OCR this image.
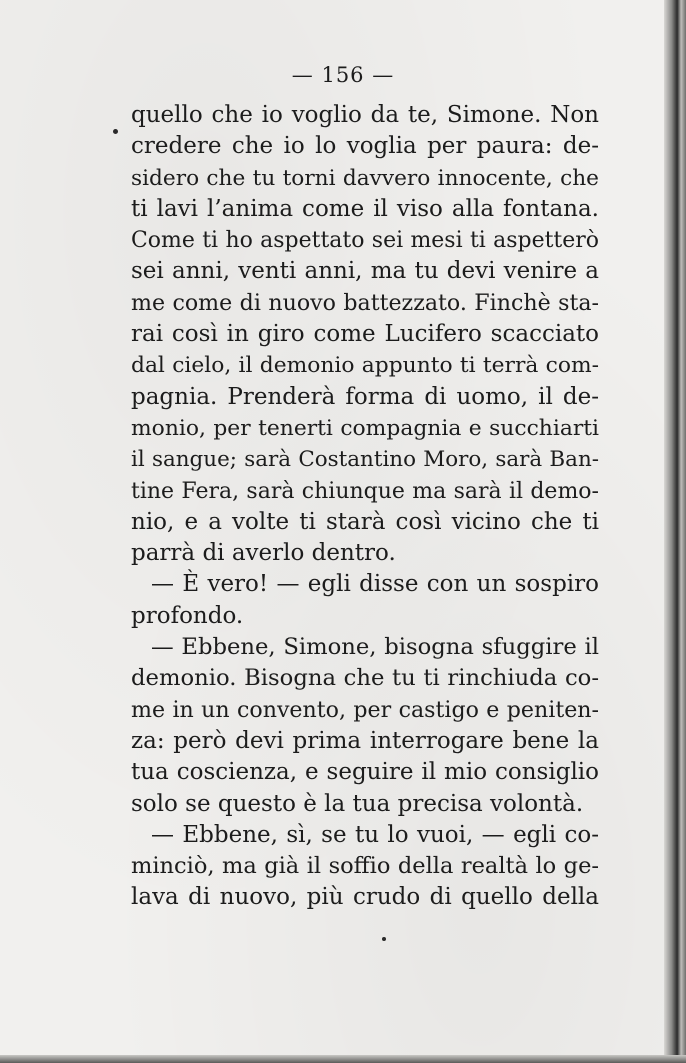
— 156 —
quello che io voglio da te, Simone. Non
credere che io lo voglia per paura: de-
sidero che tu torni davvero innocente, che
ti lavi l’anima come il viso alla fontana.
Come ti ho aspettato sei mesi ti aspetterò
sei anni, venti anni, ma tu devi venire a
me come di nuovo battezzato. Finchè sta-
rai così in giro come Lucifero scacciato
dal cielo, il demonio appunto ti terrà com-
pagnia. Prenderà forma di uomo, il de-
monio, per tenerti compagnia e succhiarti
il sangue; sarà Costantino Moro, sarà Ban-
tine Fera, sarà chiunque ma sarà il demo-
nio, e a volte ti starà così vicino che ti
parrà di averlo dentro.
— È vero! — egli disse con un sospiro
profondo.
— Ebbene, Simone, bisogna sfuggire il
demonio. Bisogna che tu ti rinchiuda co-
me in un convento, per castigo e peniten-
za: però devi prima interrogare bene la
tua coscienza, e seguire il mio consiglio
solo se questo è la tua precisa volontà.
— Ebbene, sì, se tu lo vuoi, — egli co-
minciò, ma già il soffio della realtà lo ge-
lava di nuovo, più crudo di quello della
